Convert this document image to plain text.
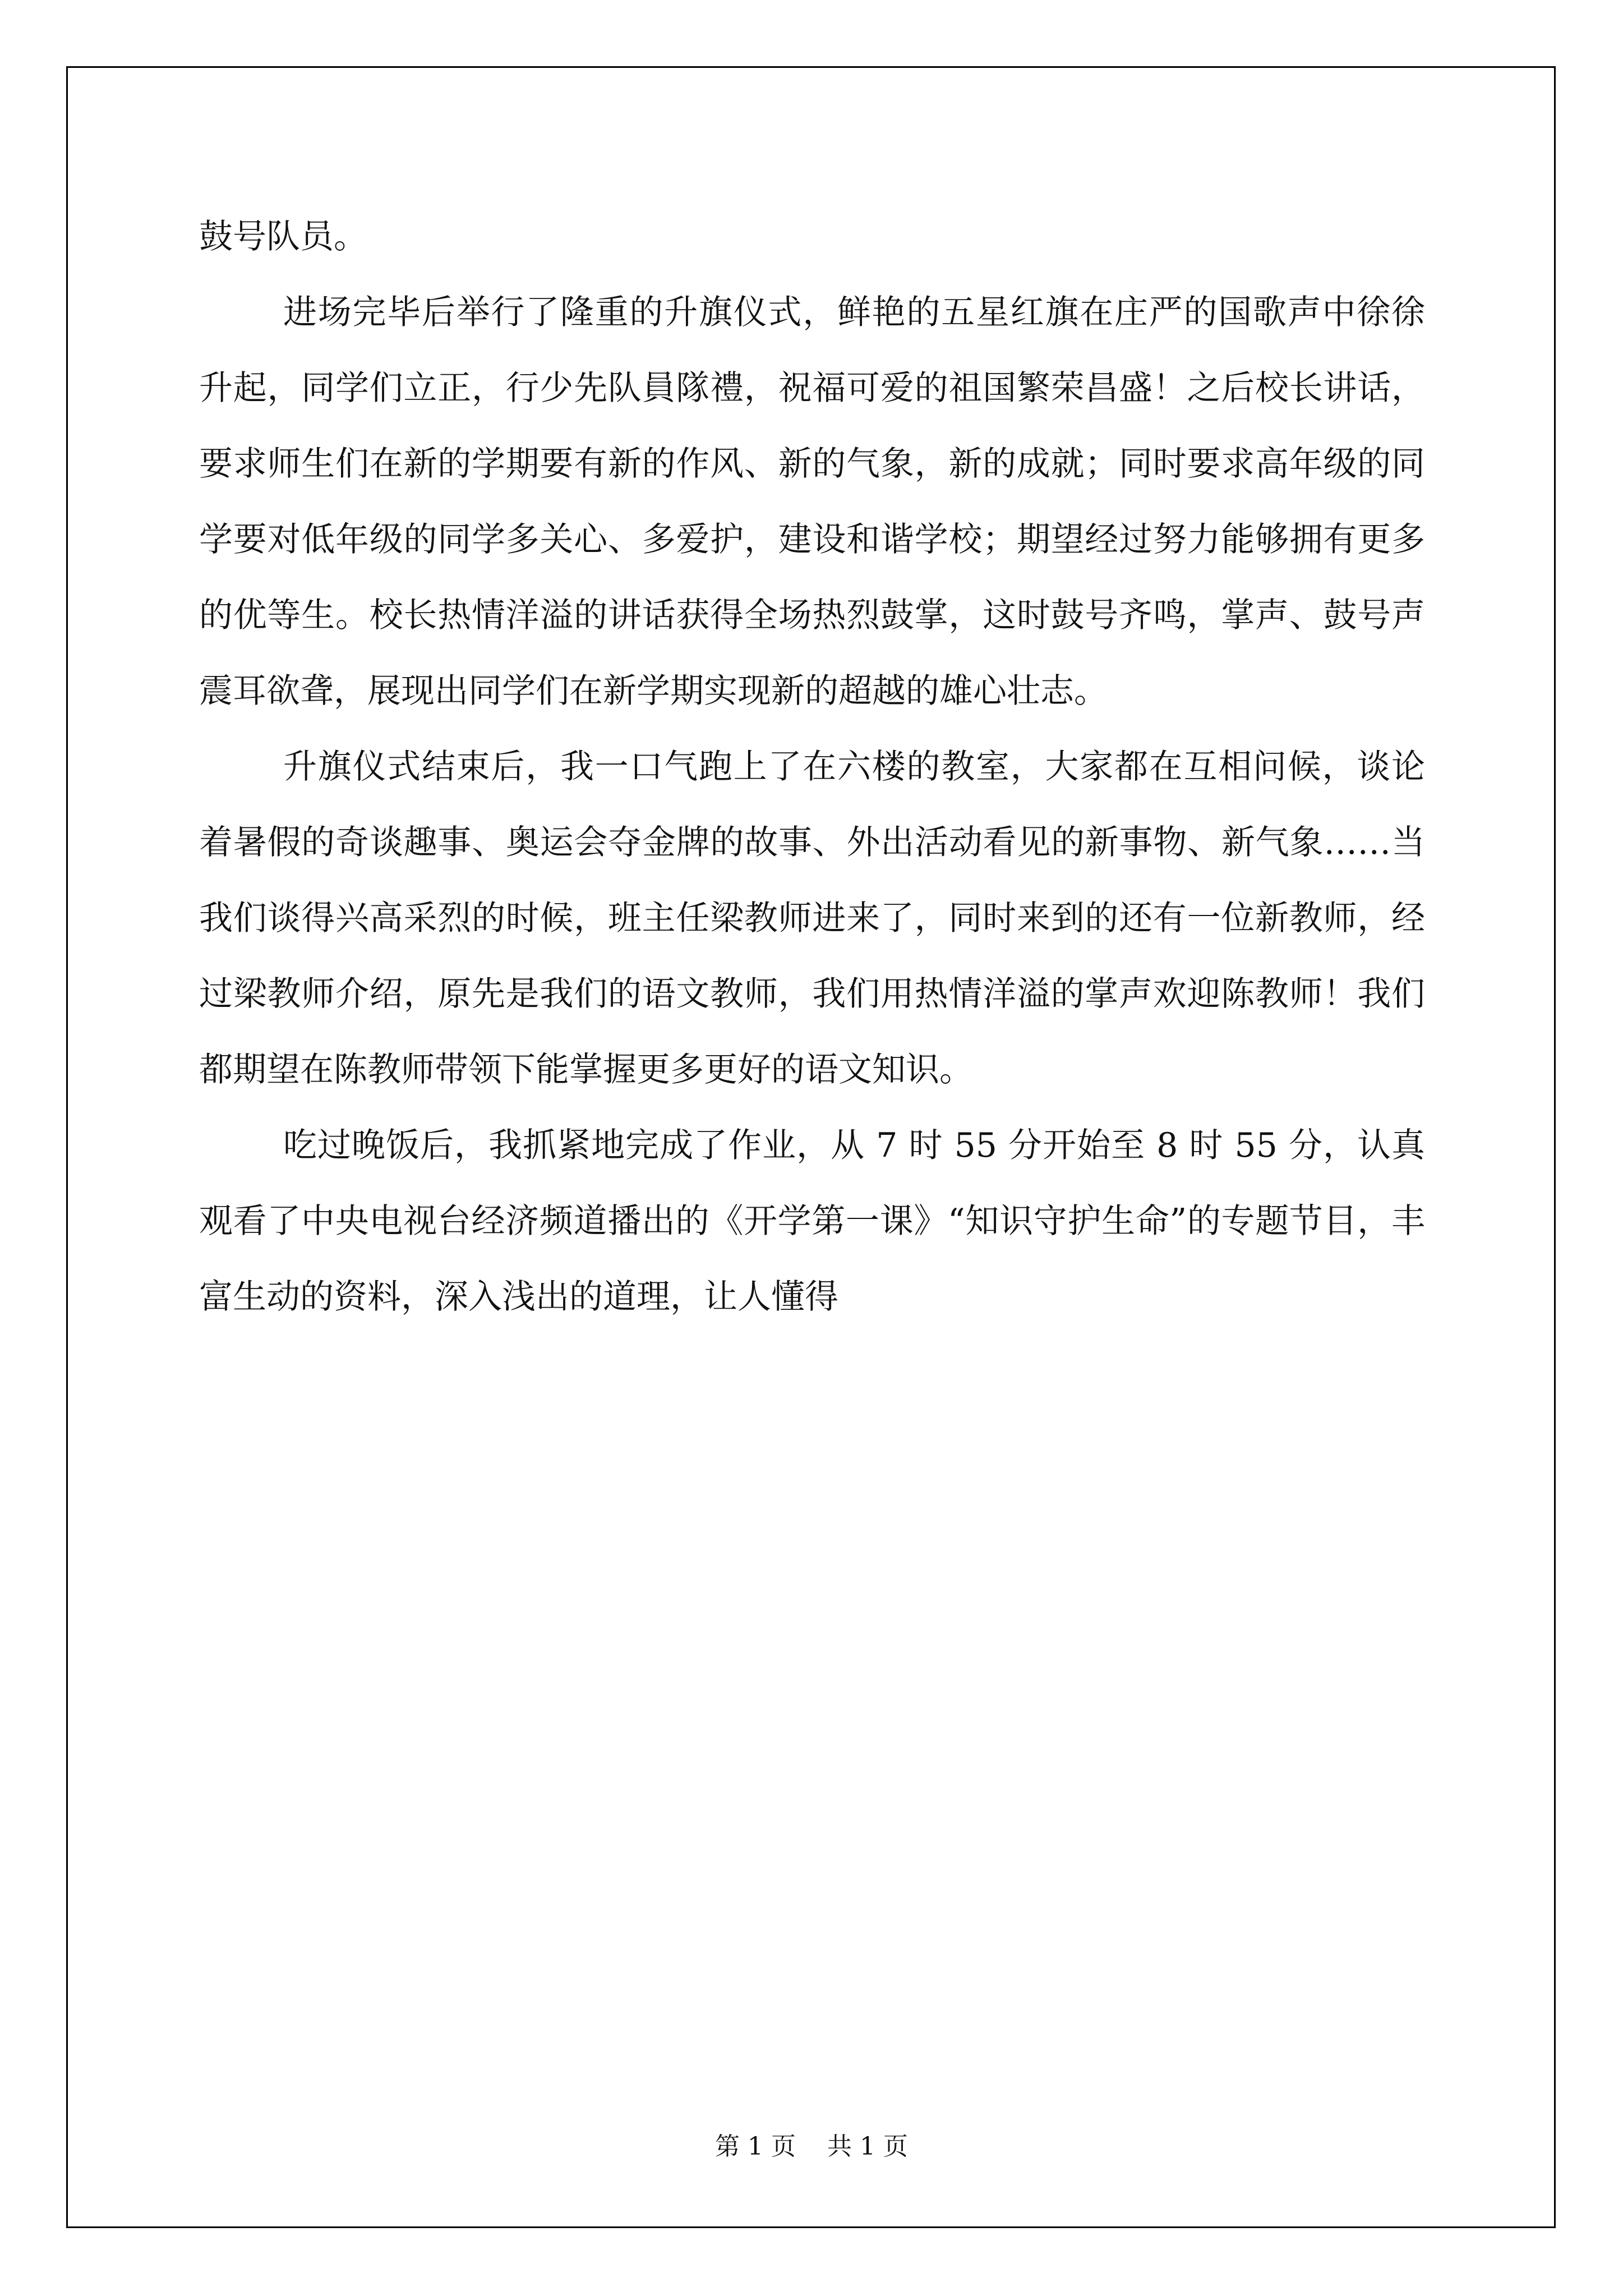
鼓号队员。

进场完毕后举行了隆重的升旗仪式，鲜艳的五星红旗在庄严的国歌声中徐徐升起，同学们立正，行少先队員隊禮，祝福可爱的祖国繁荣昌盛！之后校长讲话，要求师生们在新的学期要有新的作风、新的气象，新的成就；同时要求高年级的同学要对低年级的同学多关心、多爱护，建设和谐学校；期望经过努力能够拥有更多的优等生。校长热情洋溢的讲话获得全场热烈鼓掌，这时鼓号齐鸣，掌声、鼓号声震耳欲聋，展现出同学们在新学期实现新的超越的雄心壮志。

升旗仪式结束后，我一口气跑上了在六楼的教室，大家都在互相问候，谈论着暑假的奇谈趣事、奥运会夺金牌的故事、外出活动看见的新事物、新气象……当我们谈得兴高采烈的时候，班主任梁教师进来了，同时来到的还有一位新教师，经过梁教师介绍，原先是我们的语文教师，我们用热情洋溢的掌声欢迎陈教师！我们都期望在陈教师带领下能掌握更多更好的语文知识。

吃过晚饭后，我抓紧地完成了作业，从 7 时 55 分开始至 8 时 55 分，认真观看了中央电视台经济频道播出的《开学第一课》“知识守护生命”的专题节目，丰富生动的资料，深入浅出的道理，让人懂得

第 1 页    共 1 页
